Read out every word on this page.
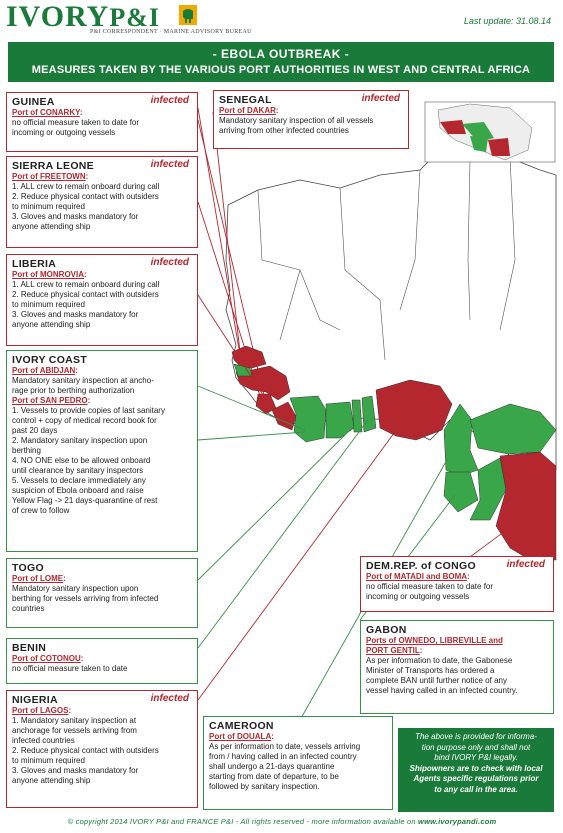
IVORYP&I
P&I CORRESPONDENT · MARINE ADVISORY BUREAU
Last update: 31.08.14
- EBOLA OUTBREAK -
MEASURES TAKEN BY THE VARIOUS PORT AUTHORITIES IN WEST AND CENTRAL AFRICA
GUINEA	infected
Port of CONARKY:
no official measure taken to date for
incoming or outgoing vessels
SENEGAL	infected
Port of DAKAR:
Mandatory sanitary inspection of all vessels
arriving from other infected countries
SIERRA LEONE	infected
Port of FREETOWN:
1. ALL crew to remain onboard during call
2. Reduce physical contact with outsiders
to minimum required
3. Gloves and masks mandatory for
anyone attending ship
LIBERIA	infected
Port of MONROVIA:
1. ALL crew to remain onboard during call
2. Reduce physical contact with outsiders
to minimum required
3. Gloves and masks mandatory for
anyone attending ship
IVORY COAST
Port of ABIDJAN:
Mandatory sanitary inspection at ancho-
rage prior to berthing authorization
Port of SAN PEDRO:
1. Vessels to provide copies of last sanitary
control + copy of medical record book for
past 20 days
2. Mandatory sanitary inspection upon
berthing
4. NO ONE else to be allowed onboard
until clearance by sanitary inspectors
5. Vessels to declare immediately any
suspicion of Ebola onboard and raise
Yellow Flag -> 21 days-quarantine of rest
of crew to follow
TOGO
Port of LOME:
Mandatory sanitary inspection upon
berthing for vessels arriving from infected
countries
BENIN
Port of COTONOU:
no official measure taken to date
NIGERIA	infected
Port of LAGOS:
1. Mandatory sanitary inspection at
anchorage for vessels arriving from
infected countries
2. Reduce physical contact with outsiders
to minimum required
3. Gloves and masks mandatory for
anyone attending ship
CAMEROON
Port of DOUALA:
As per information to date, vessels arriving
from / having called in an infected country
shall undergo a 21-days quarantine
starting from date of departure, to be
followed by sanitary inspection.
DEM.REP. of CONGO	infected
Port of MATADI and BOMA:
no official measure taken to date for
incoming or outgoing vessels
GABON
Ports of OWNEDO, LIBREVILLE and
PORT GENTIL:
As per information to date, the Gabonese
Minister of Transports has ordered a
complete BAN until further notice of any
vessel having called in an infected country.
The above is provided for informa-
tion purpose only and shall not
bind IVORY P&I legally.
Shipowners are to check with local
Agents specific regulations prior
to any call in the area.
© copyright 2014 IVORY P&I and FRANCE P&I - All rights reserved - more information available on www.ivorypandi.com
